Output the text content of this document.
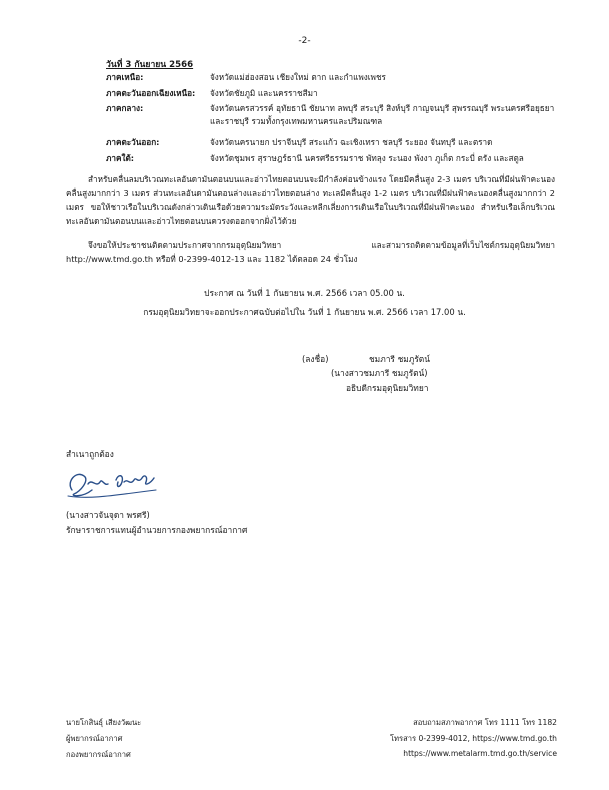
-2-
วันที่ 3 กันยายน 2566
ภาคเหนือ:	จังหวัดแม่ฮ่องสอน เชียงใหม่ ตาก และกำแพงเพชร
ภาคตะวันออกเฉียงเหนือ:	จังหวัดชัยภูมิ และนครราชสีมา
ภาคกลาง:	จังหวัดนครสวรรค์ อุทัยธานี ชัยนาท ลพบุรี สระบุรี สิงห์บุรี กาญจนบุรี สุพรรณบุรี พระนครศรีอยุธยา และราชบุรี รวมทั้งกรุงเทพมหานครและปริมณฑล
ภาคตะวันออก:	จังหวัดนครนายก ปราจีนบุรี สระแก้ว ฉะเชิงเทรา ชลบุรี ระยอง จันทบุรี และตราด
ภาคใต้:	จังหวัดชุมพร สุราษฎร์ธานี นครศรีธรรมราช พัทลุง ระนอง พังงา ภูเก็ต กระบี่ ตรัง และสตูล
สำหรับคลื่นลมบริเวณทะเลอันดามันตอนบนและอ่าวไทยตอนบนจะมีกำลังค่อนข้างแรง โดยมีคลื่นสูง 2-3 เมตร บริเวณที่มีฝนฟ้าคะนองคลื่นสูงมากกว่า 3 เมตร ส่วนทะเลอันดามันตอนล่างและอ่าวไทยตอนล่าง ทะเลมีคลื่นสูง 1-2 เมตร บริเวณที่มีฝนฟ้าคะนองคลื่นสูงมากกว่า 2 เมตร ขอให้ชาวเรือในบริเวณดังกล่าวเดินเรือด้วยความระมัดระวังและหลีกเลี่ยงการเดินเรือในบริเวณที่มีฝนฟ้าคะนอง สำหรับเรือเล็กบริเวณทะเลอันดามันตอนบนและอ่าวไทยตอนบนควรงดออกจากฝั่งไว้ด้วย
จึงขอให้ประชาชนติดตามประกาศจากกรมอุตุนิยมวิทยา และสามารถติดตามข้อมูลที่เว็บไซต์กรมอุตุนิยมวิทยา http://www.tmd.go.th หรือที่ 0-2399-4012-13 และ 1182 ได้ตลอด 24 ชั่วโมง
ประกาศ ณ วันที่ 1 กันยายน พ.ศ. 2566 เวลา 05.00 น.
กรมอุตุนิยมวิทยาจะออกประกาศฉบับต่อไปใน วันที่ 1 กันยายน พ.ศ. 2566 เวลา 17.00 น.
(ลงชื่อ)	ชมภารี ชมภูรัตน์
(นางสาวชมภารี ชมภูรัตน์)
อธิบดีกรมอุตุนิยมวิทยา
สำเนาถูกต้อง
(นางสาวจันจุดา พรศรี)
รักษาราชการแทนผู้อำนวยการกองพยากรณ์อากาศ
นายโกสินธุ์ เสียงวัฒนะ
ผู้พยากรณ์อากาศ
กองพยากรณ์อากาศ
สอบถามสภาพอากาศ โทร 1111 โทร 1182
โทรสาร 0-2399-4012, https://www.tmd.go.th
https://www.metalarm.tmd.go.th/service
